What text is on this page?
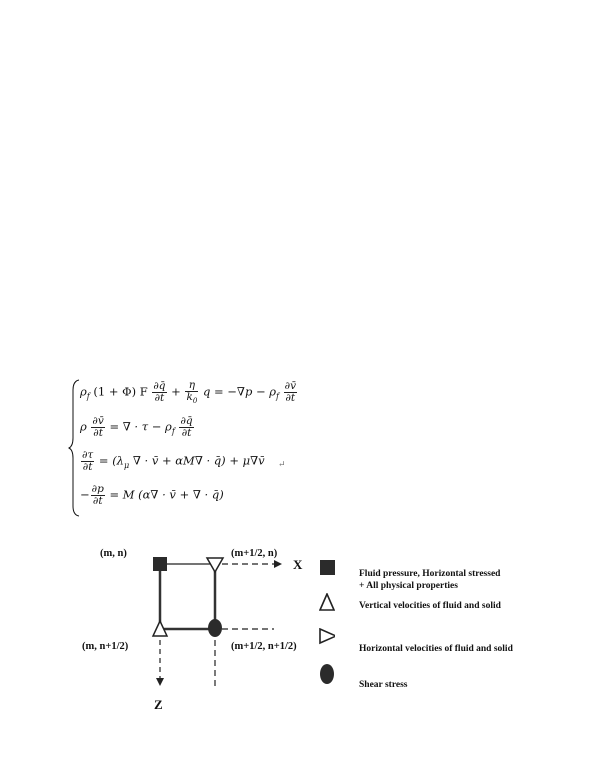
$\rho_f$ (1 + Φ) F $\frac{\partial q̄}{\partial t} + \frac{\eta}{k_0}$ $q = -\nabla p - \rho_f \frac{\partial v̄}{\partial t}$
ρ $\frac{\partial v̄}{\partial t}$ = ∇ · $\tau - \rho_f \frac{\partial q̄}{\partial t}$
$\frac{\partial\tau}{\partial t} = (\lambda_\mu$ ∇ · v̄ + αM∇ · q̄) + μ∇v̄ ↵
− $\frac{\partial p}{\partial t} = M$ (α∇ · v̄ + ∇ · q̄)
(m, n)	(m+1/2, n)
X
(m, n+1/2)	(m+1/2, n+1/2)
Z
Fluid pressure, Horizontal stressed
+ All physical properties
Vertical velocities of fluid and solid
Horizontal velocities of fluid and solid
Shear stress
